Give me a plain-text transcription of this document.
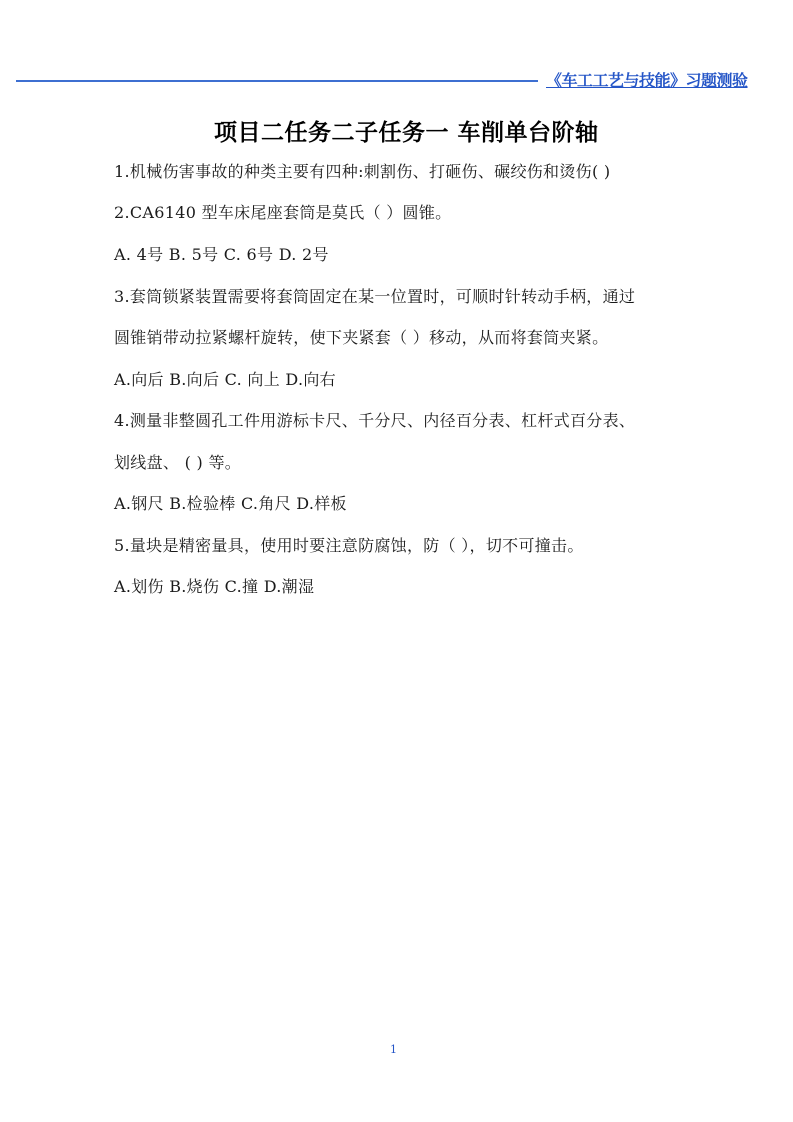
《车工工艺与技能》习题测验
项目二任务二子任务一 车削单台阶轴
1.机械伤害事故的种类主要有四种:刺割伤、打砸伤、碾绞伤和烫伤( )
2.CA6140 型车床尾座套筒是莫氏（ ）圆锥。
A. 4号 B. 5号 C. 6号 D. 2号
3.套筒锁紧装置需要将套筒固定在某一位置时，可顺时针转动手柄，通过
圆锥销带动拉紧螺杆旋转，使下夹紧套（ ）移动，从而将套筒夹紧。
A.向后 B.向后 C. 向上 D.向右
4.测量非整圆孔工件用游标卡尺、千分尺、内径百分表、杠杆式百分表、
划线盘、 ( ) 等。
A.钢尺 B.检验棒 C.角尺 D.样板
5.量块是精密量具，使用时要注意防腐蚀，防（ ），切不可撞击。
A.划伤 B.烧伤 C.撞 D.潮湿
1
